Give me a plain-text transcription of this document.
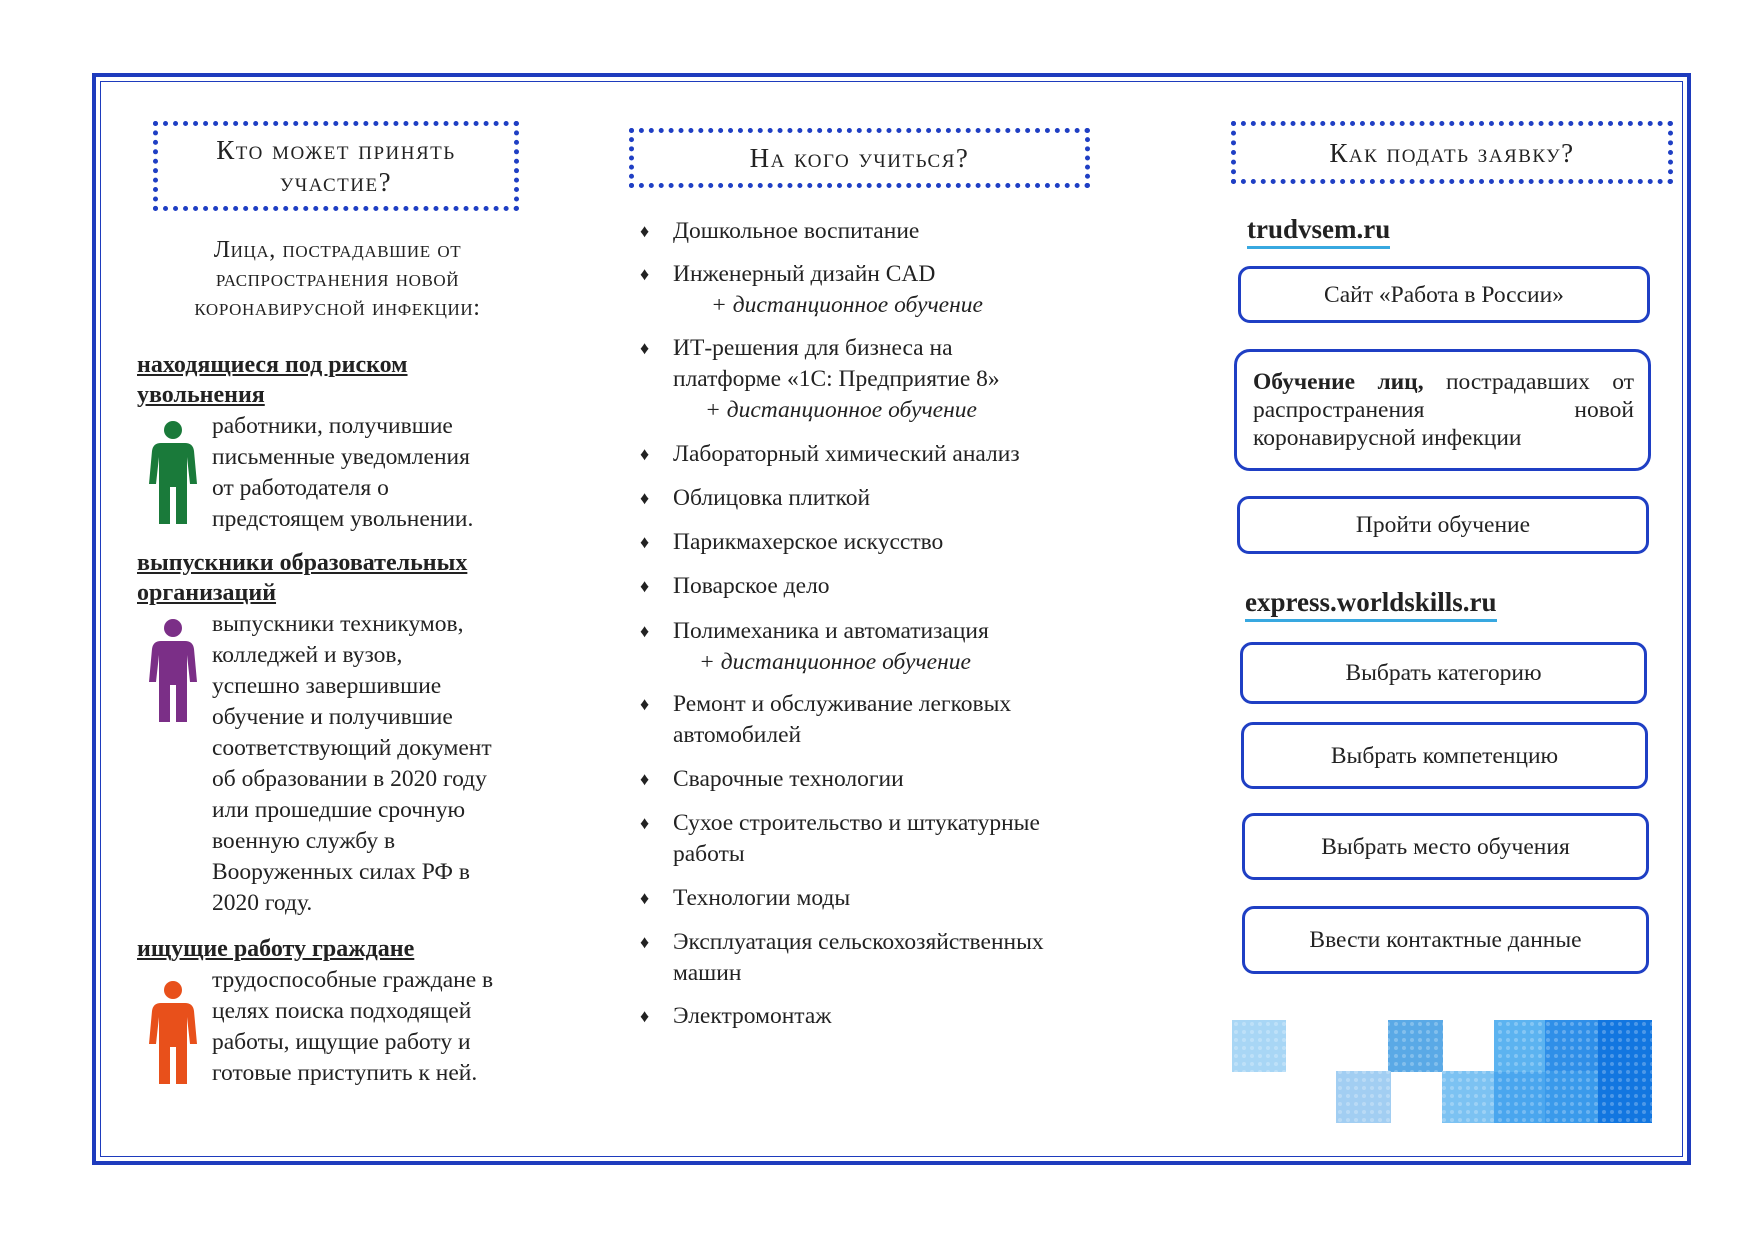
Кто может принять
участие?
Лица, пострадавшие от
распространения новой
коронавирусной инфекции:
находящиеся под риском
увольнения
работники, получившие
письменные уведомления
от работодателя о
предстоящем увольнении.
выпускники образовательных
организаций
выпускники техникумов,
колледжей и вузов,
успешно завершившие
обучение и получившие
соответствующий документ
об образовании в 2020 году
или прошедшие срочную
военную службу в
Вооруженных силах РФ в
2020 году.
ищущие работу граждане
трудоспособные граждане в
целях поиска подходящей
работы, ищущие работу и
готовые приступить к ней.
На кого учиться?
♦	Дошкольное воспитание
♦	Инженерный дизайн CAD
+ дистанционное обучение
♦	ИТ-решения для бизнеса на
платформе «1С: Предприятие 8»
+ дистанционное обучение
♦	Лабораторный химический анализ
♦	Облицовка плиткой
♦	Парикмахерское искусство
♦	Поварское дело
♦	Полимеханика и автоматизация
+ дистанционное обучение
♦	Ремонт и обслуживание легковых
автомобилей
♦	Сварочные технологии
♦	Сухое строительство и штукатурные
работы
♦	Технологии моды
♦	Эксплуатация сельскохозяйственных
машин
♦	Электромонтаж
Как подать заявку?
trudvsem.ru
Сайт «Работа в России»
Обучение лиц, пострадавших от распространения новой коронавирусной инфекции
Пройти обучение
express.worldskills.ru
Выбрать категорию
Выбрать компетенцию
Выбрать место обучения
Ввести контактные данные
